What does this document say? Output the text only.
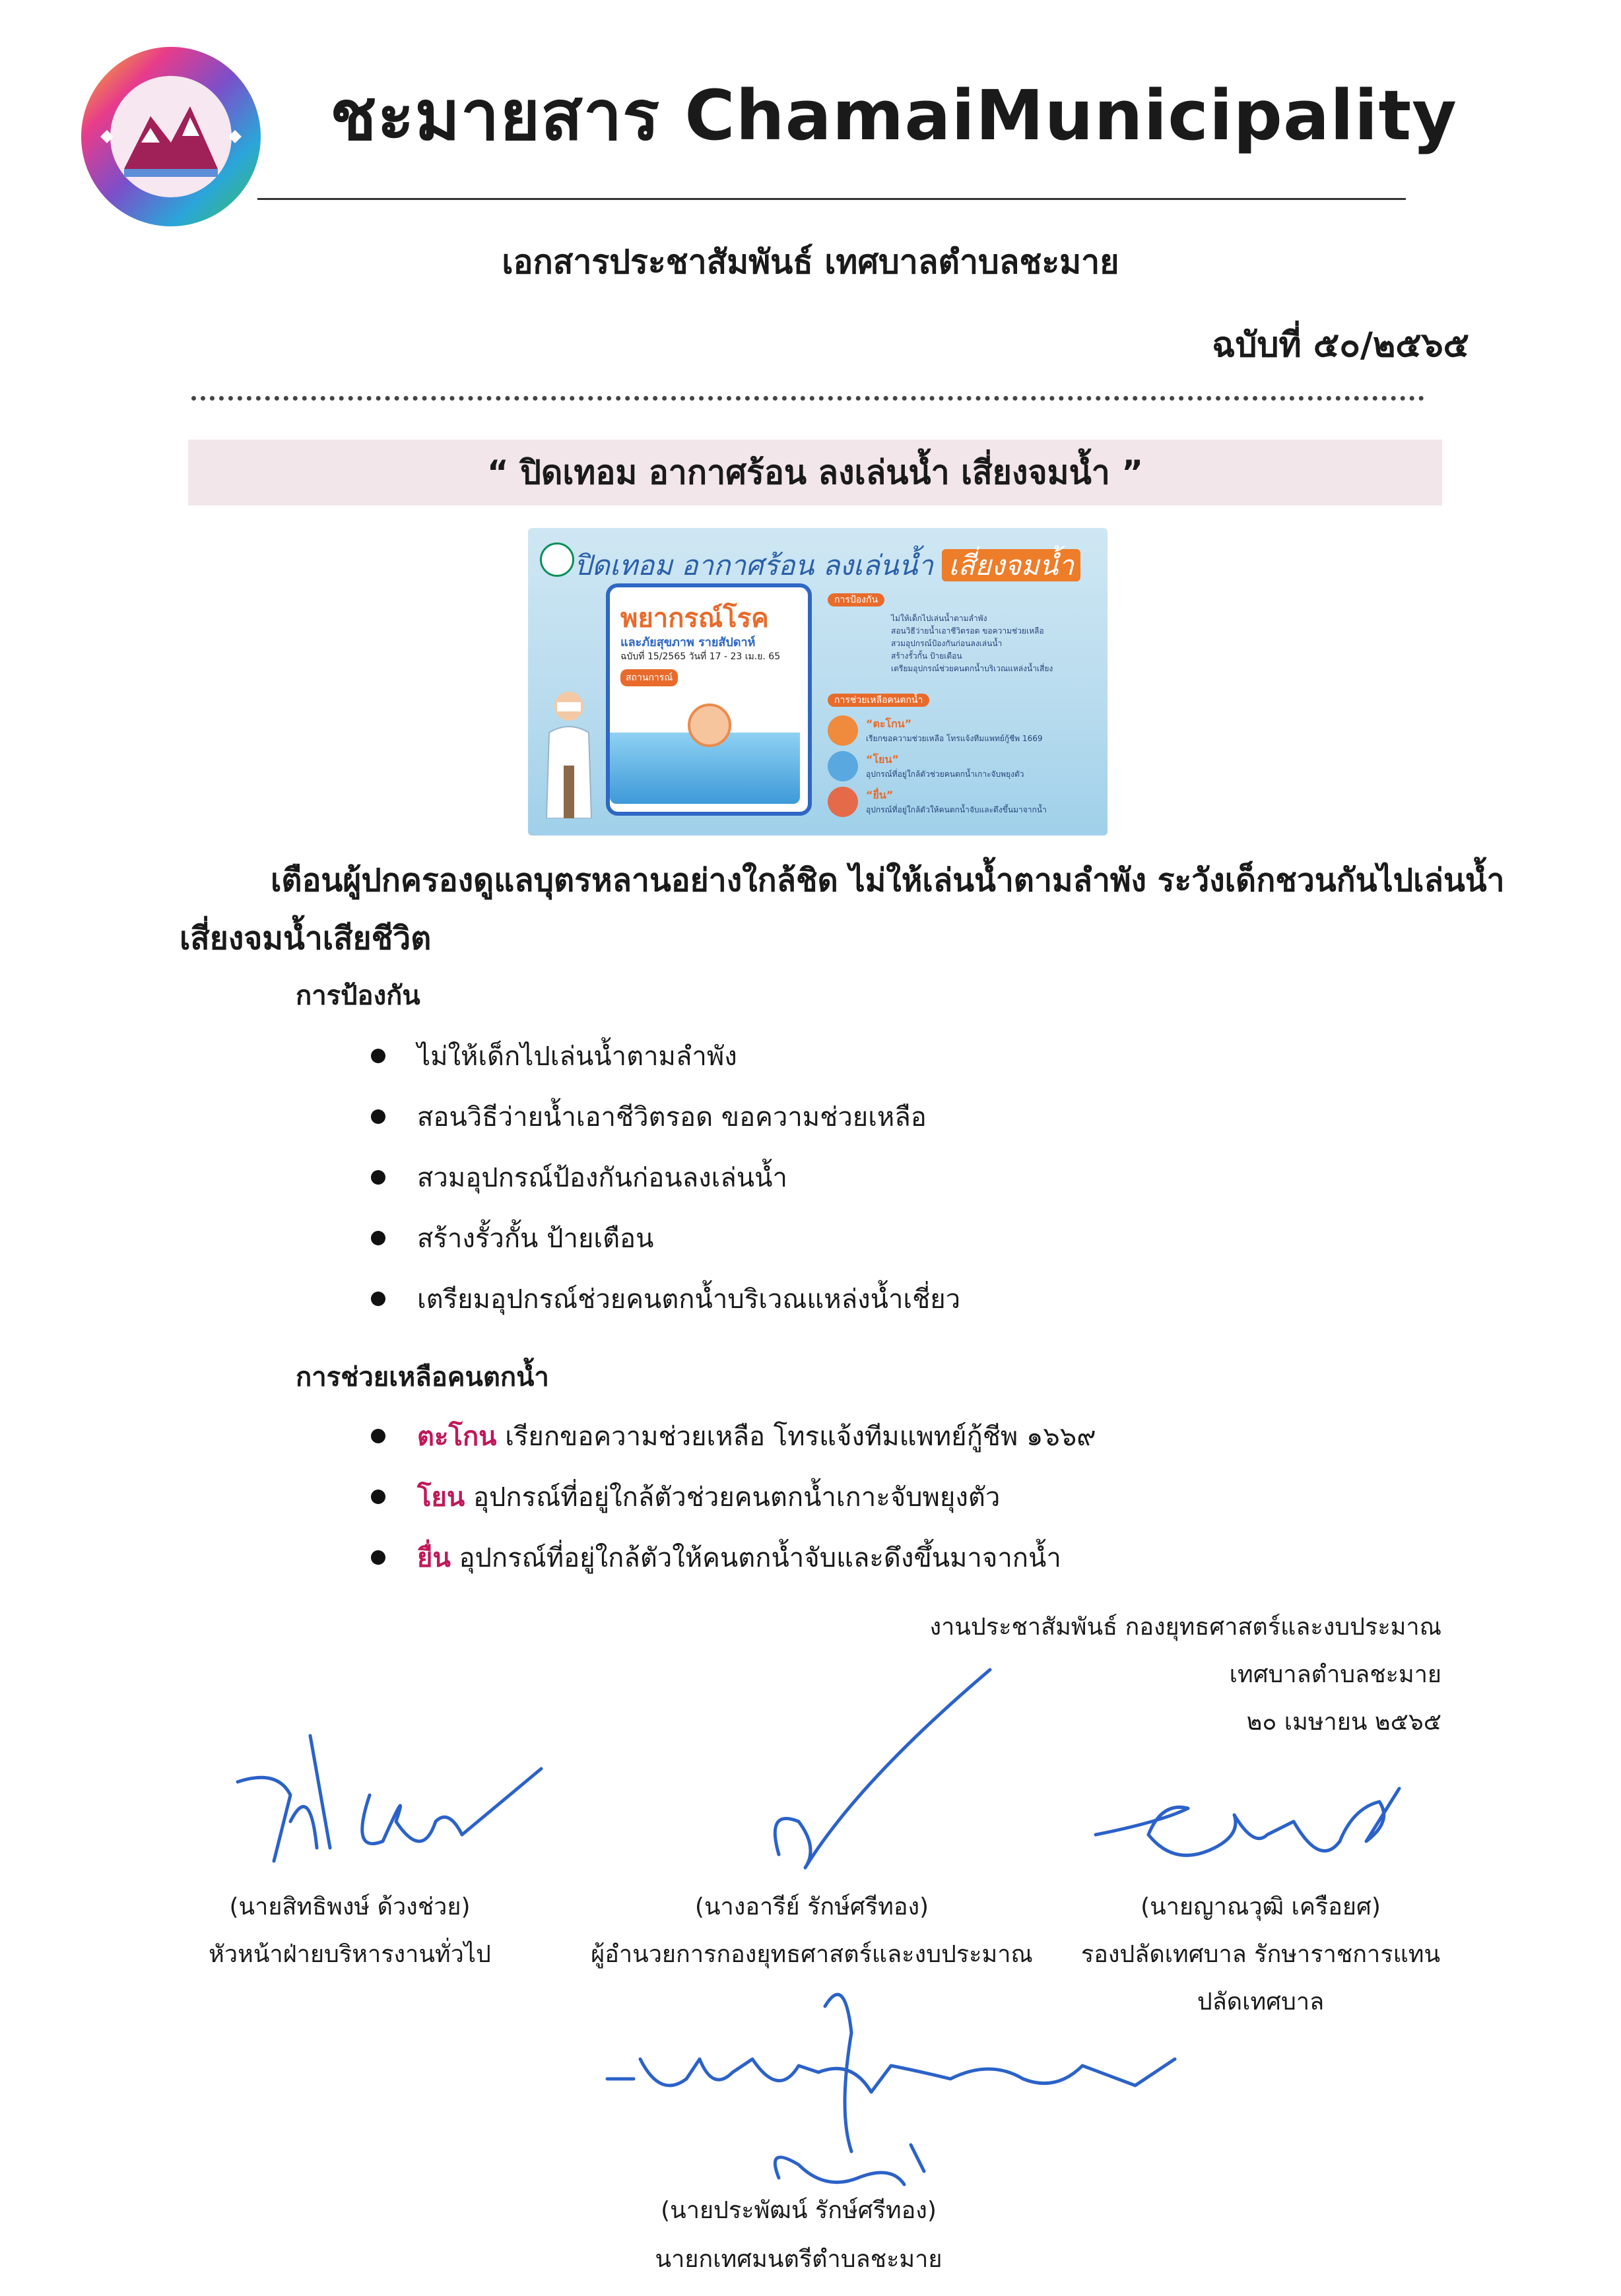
ชะมายสาร ChamaiMunicipality
เอกสารประชาสัมพันธ์ เทศบาลตำบลชะมาย
ฉบับที่ ๕๐/๒๕๖๕
“ ปิดเทอม อากาศร้อน ลงเล่นน้ำ เสี่ยงจมน้ำ ”
ปิดเทอม อากาศร้อน ลงเล่นน้ำ เสี่ยงจมน้ำ
พยากรณ์โรค
และภัยสุขภาพ รายสัปดาห์
ฉบับที่ 15/2565 วันที่ 17 - 23 เม.ย. 65
สถานการณ์
การป้องกัน
ไม่ให้เด็กไปเล่นน้ำตามลำพัง
สอนวิธีว่ายน้ำเอาชีวิตรอด ขอความช่วยเหลือ
สวมอุปกรณ์ป้องกันก่อนลงเล่นน้ำ
สร้างรั้วกั้น ป้ายเตือน
เตรียมอุปกรณ์ช่วยคนตกน้ำบริเวณแหล่งน้ำเสี่ยง
การช่วยเหลือคนตกน้ำ
“ตะโกน”
เรียกขอความช่วยเหลือ โทรแจ้งทีมแพทย์กู้ชีพ 1669
“โยน”
อุปกรณ์ที่อยู่ใกล้ตัวช่วยคนตกน้ำเกาะจับพยุงตัว
“ยื่น”
อุปกรณ์ที่อยู่ใกล้ตัวให้คนตกน้ำจับและดึงขึ้นมาจากน้ำ
เตือนผู้ปกครองดูแลบุตรหลานอย่างใกล้ชิด ไม่ให้เล่นน้ำตามลำพัง ระวังเด็กชวนกันไปเล่นน้ำ
เสี่ยงจมน้ำเสียชีวิต
การป้องกัน
ไม่ให้เด็กไปเล่นน้ำตามลำพัง
สอนวิธีว่ายน้ำเอาชีวิตรอด ขอความช่วยเหลือ
สวมอุปกรณ์ป้องกันก่อนลงเล่นน้ำ
สร้างรั้วกั้น ป้ายเตือน
เตรียมอุปกรณ์ช่วยคนตกน้ำบริเวณแหล่งน้ำเชี่ยว
การช่วยเหลือคนตกน้ำ
ตะโกน เรียกขอความช่วยเหลือ โทรแจ้งทีมแพทย์กู้ชีพ ๑๖๖๙
โยน อุปกรณ์ที่อยู่ใกล้ตัวช่วยคนตกน้ำเกาะจับพยุงตัว
ยื่น อุปกรณ์ที่อยู่ใกล้ตัวให้คนตกน้ำจับและดึงขึ้นมาจากน้ำ
งานประชาสัมพันธ์ กองยุทธศาสตร์และงบประมาณ
เทศบาลตำบลชะมาย
๒๐ เมษายน ๒๕๖๕
(นายสิทธิพงษ์ ด้วงช่วย)
หัวหน้าฝ่ายบริหารงานทั่วไป
(นางอารีย์ รักษ์ศรีทอง)
ผู้อำนวยการกองยุทธศาสตร์และงบประมาณ
(นายญาณวุฒิ เครือยศ)
รองปลัดเทศบาล รักษาราชการแทน
ปลัดเทศบาล
(นายประพัฒน์ รักษ์ศรีทอง)
นายกเทศมนตรีตำบลชะมาย
